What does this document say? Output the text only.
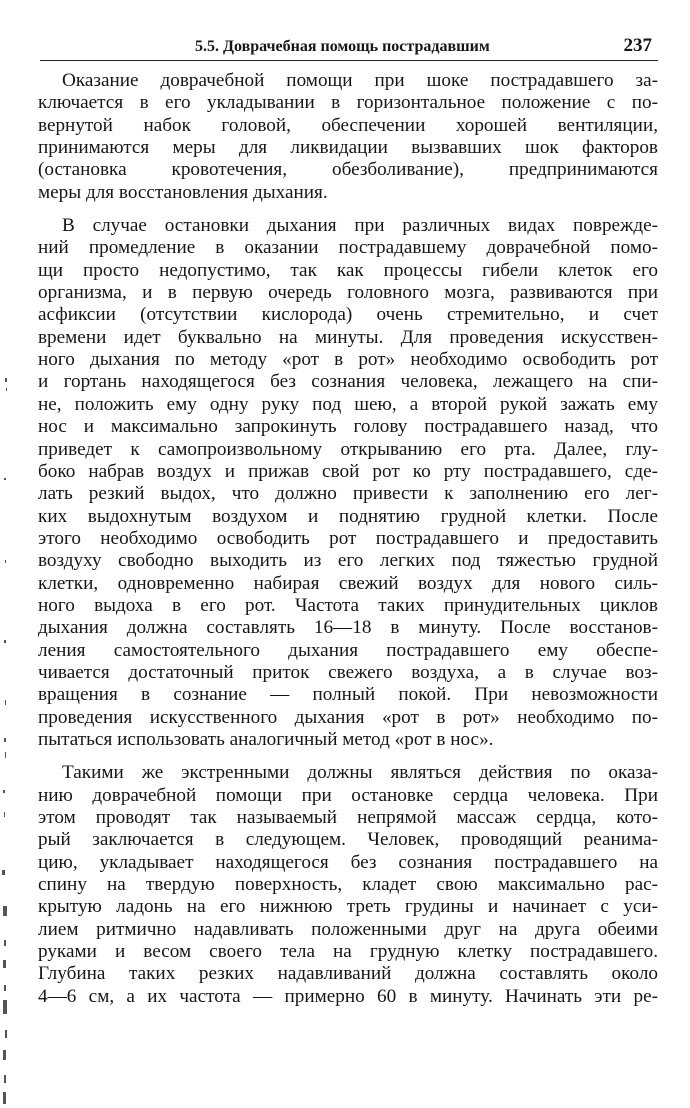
5.5. Доврачебная помощь пострадавшим	237
Оказание доврачебной помощи при шоке пострадавшего за-
ключается в его укладывании в горизонтальное положение с по-
вернутой набок головой, обеспечении хорошей вентиляции,
принимаются меры для ликвидации вызвавших шок факторов
(остановка кровотечения, обезболивание), предпринимаются
меры для восстановления дыхания.
В случае остановки дыхания при различных видах поврежде-
ний промедление в оказании пострадавшему доврачебной помо-
щи просто недопустимо, так как процессы гибели клеток его
организма, и в первую очередь головного мозга, развиваются при
асфиксии (отсутствии кислорода) очень стремительно, и счет
времени идет буквально на минуты. Для проведения искусствен-
ного дыхания по методу «рот в рот» необходимо освободить рот
и гортань находящегося без сознания человека, лежащего на спи-
не, положить ему одну руку под шею, а второй рукой зажать ему
нос и максимально запрокинуть голову пострадавшего назад, что
приведет к самопроизвольному открыванию его рта. Далее, глу-
боко набрав воздух и прижав свой рот ко рту пострадавшего, сде-
лать резкий выдох, что должно привести к заполнению его лег-
ких выдохнутым воздухом и поднятию грудной клетки. После
этого необходимо освободить рот пострадавшего и предоставить
воздуху свободно выходить из его легких под тяжестью грудной
клетки, одновременно набирая свежий воздух для нового силь-
ного выдоха в его рот. Частота таких принудительных циклов
дыхания должна составлять 16—18 в минуту. После восстанов-
ления самостоятельного дыхания пострадавшего ему обеспе-
чивается достаточный приток свежего воздуха, а в случае воз-
вращения в сознание — полный покой. При невозможности
проведения искусственного дыхания «рот в рот» необходимо по-
пытаться использовать аналогичный метод «рот в нос».
Такими же экстренными должны являться действия по оказа-
нию доврачебной помощи при остановке сердца человека. При
этом проводят так называемый непрямой массаж сердца, кото-
рый заключается в следующем. Человек, проводящий реанима-
цию, укладывает находящегося без сознания пострадавшего на
спину на твердую поверхность, кладет свою максимально рас-
крытую ладонь на его нижнюю треть грудины и начинает с уси-
лием ритмично надавливать положенными друг на друга обеими
руками и весом своего тела на грудную клетку пострадавшего.
Глубина таких резких надавливаний должна составлять около
4—6 см, а их частота — примерно 60 в минуту. Начинать эти ре-
